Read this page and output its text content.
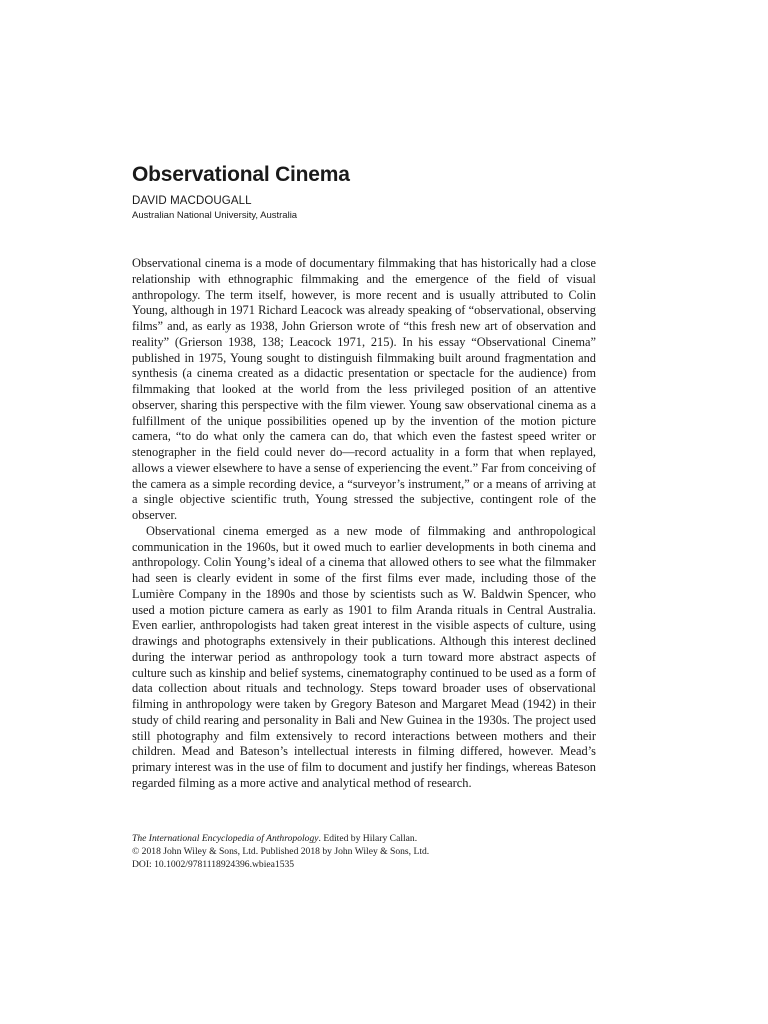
Observational Cinema
DAVID MACDOUGALL
Australian National University, Australia

Observational cinema is a mode of documentary filmmaking that has historically had a close relationship with ethnographic filmmaking and the emergence of the field of visual anthropology. The term itself, however, is more recent and is usually attributed to Colin Young, although in 1971 Richard Leacock was already speaking of “observational, observing films” and, as early as 1938, John Grierson wrote of “this fresh new art of observation and reality” (Grierson 1938, 138; Leacock 1971, 215). In his essay “Observational Cinema” published in 1975, Young sought to distinguish filmmaking built around fragmentation and synthesis (a cinema created as a didactic presentation or spectacle for the audience) from filmmaking that looked at the world from the less privileged position of an attentive observer, sharing this perspective with the film viewer. Young saw observational cinema as a fulfillment of the unique possibilities opened up by the invention of the motion picture camera, “to do what only the camera can do, that which even the fastest speed writer or stenographer in the field could never do—record actuality in a form that when replayed, allows a viewer elsewhere to have a sense of experiencing the event.” Far from conceiving of the camera as a simple recording device, a “surveyor’s instrument,” or a means of arriving at a single objective scientific truth, Young stressed the subjective, contingent role of the observer.

Observational cinema emerged as a new mode of filmmaking and anthropological communication in the 1960s, but it owed much to earlier developments in both cinema and anthropology. Colin Young’s ideal of a cinema that allowed others to see what the filmmaker had seen is clearly evident in some of the first films ever made, including those of the Lumière Company in the 1890s and those by scientists such as W. Baldwin Spencer, who used a motion picture camera as early as 1901 to film Aranda rituals in Central Australia. Even earlier, anthropologists had taken great interest in the visible aspects of culture, using drawings and photographs extensively in their publications. Although this interest declined during the interwar period as anthropology took a turn toward more abstract aspects of culture such as kinship and belief systems, cinematography continued to be used as a form of data collection about rituals and technology. Steps toward broader uses of observational filming in anthropology were taken by Gregory Bateson and Margaret Mead (1942) in their study of child rearing and personality in Bali and New Guinea in the 1930s. The project used still photography and film extensively to record interactions between mothers and their children. Mead and Bateson’s intellectual interests in filming differed, however. Mead’s primary interest was in the use of film to document and justify her findings, whereas Bateson regarded filming as a more active and analytical method of research.

The International Encyclopedia of Anthropology. Edited by Hilary Callan.
© 2018 John Wiley & Sons, Ltd. Published 2018 by John Wiley & Sons, Ltd.
DOI: 10.1002/9781118924396.wbiea1535
